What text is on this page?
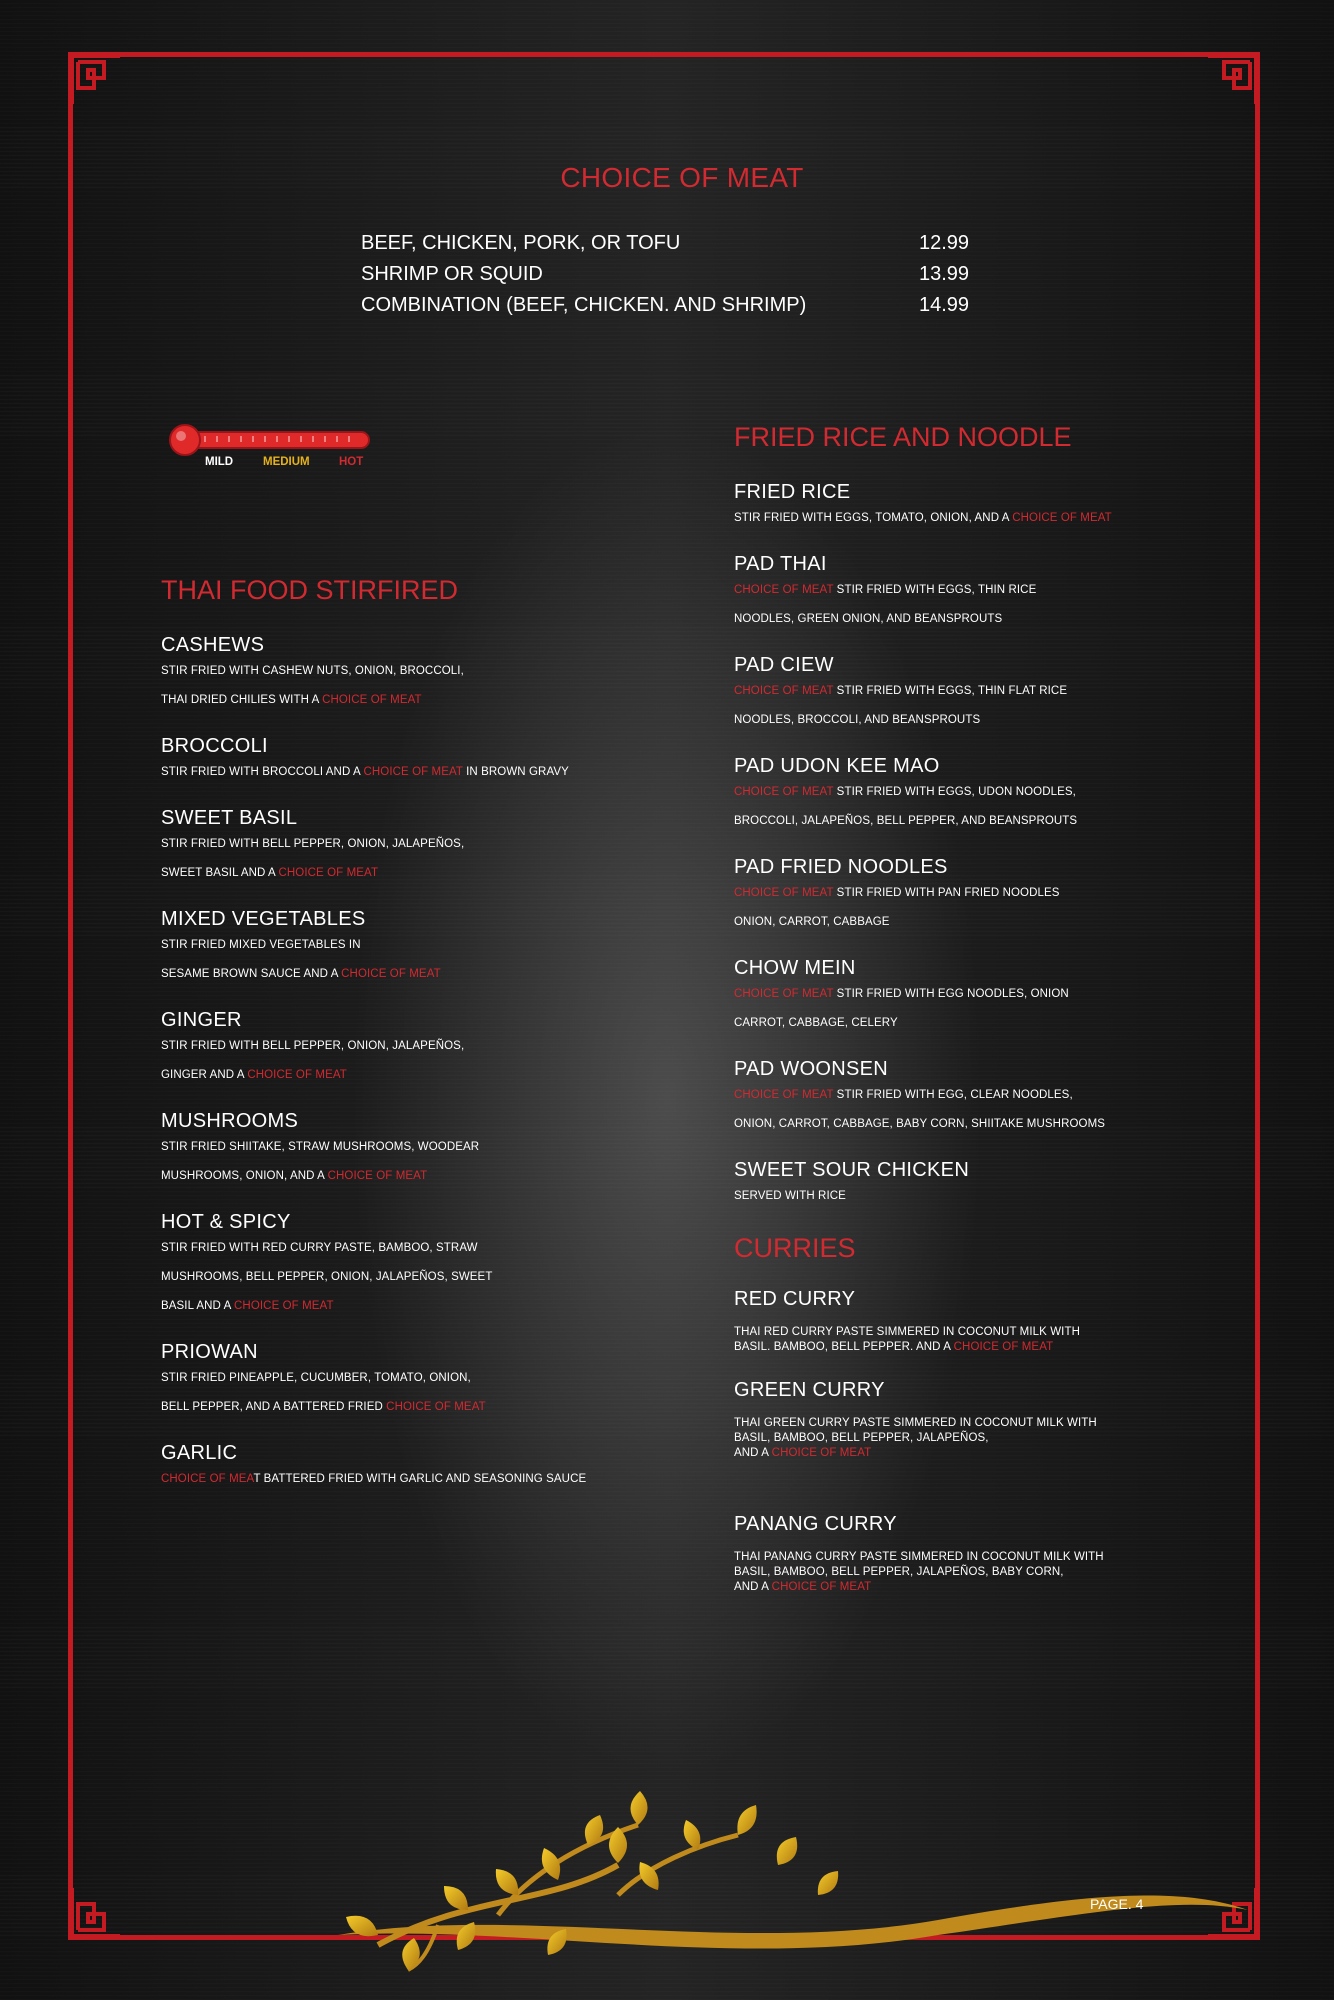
CHOICE OF MEAT
BEEF, CHICKEN, PORK, OR TOFU	12.99
SHRIMP OR SQUID	13.99
COMBINATION (BEEF, CHICKEN. AND SHRIMP)	14.99
MILD	MEDIUM	HOT
THAI FOOD STIRFIRED
CASHEWS
STIR FRIED WITH CASHEW NUTS, ONION, BROCCOLI,
THAI DRIED CHILIES WITH A CHOICE OF MEAT
BROCCOLI
STIR FRIED WITH BROCCOLI AND A CHOICE OF MEAT IN BROWN GRAVY
SWEET BASIL
STIR FRIED WITH BELL PEPPER, ONION, JALAPEÑOS,
SWEET BASIL AND A CHOICE OF MEAT
MIXED VEGETABLES
STIR FRIED MIXED VEGETABLES IN
SESAME BROWN SAUCE AND A CHOICE OF MEAT
GINGER
STIR FRIED WITH BELL PEPPER, ONION, JALAPEÑOS,
GINGER AND A CHOICE OF MEAT
MUSHROOMS
STIR FRIED SHIITAKE, STRAW MUSHROOMS, WOODEAR
MUSHROOMS, ONION, AND A CHOICE OF MEAT
HOT & SPICY
STIR FRIED WITH RED CURRY PASTE, BAMBOO, STRAW
MUSHROOMS, BELL PEPPER, ONION, JALAPEÑOS, SWEET
BASIL AND A CHOICE OF MEAT
PRIOWAN
STIR FRIED PINEAPPLE, CUCUMBER, TOMATO, ONION,
BELL PEPPER, AND A BATTERED FRIED CHOICE OF MEAT
GARLIC
CHOICE OF MEAT BATTERED FRIED WITH GARLIC AND SEASONING SAUCE
FRIED RICE AND NOODLE
FRIED RICE
STIR FRIED WITH EGGS, TOMATO, ONION, AND A CHOICE OF MEAT
PAD THAI
CHOICE OF MEAT STIR FRIED WITH EGGS, THIN RICE
NOODLES, GREEN ONION, AND BEANSPROUTS
PAD CIEW
CHOICE OF MEAT STIR FRIED WITH EGGS, THIN FLAT RICE
NOODLES, BROCCOLI, AND BEANSPROUTS
PAD UDON KEE MAO
CHOICE OF MEAT STIR FRIED WITH EGGS, UDON NOODLES,
BROCCOLI, JALAPEÑOS, BELL PEPPER, AND BEANSPROUTS
PAD FRIED NOODLES
CHOICE OF MEAT STIR FRIED WITH PAN FRIED NOODLES
ONION, CARROT, CABBAGE
CHOW MEIN
CHOICE OF MEAT STIR FRIED WITH EGG NOODLES, ONION
CARROT, CABBAGE, CELERY
PAD WOONSEN
CHOICE OF MEAT STIR FRIED WITH EGG, CLEAR NOODLES,
ONION, CARROT, CABBAGE, BABY CORN, SHIITAKE MUSHROOMS
SWEET SOUR CHICKEN
SERVED WITH RICE
CURRIES
RED CURRY
THAI RED CURRY PASTE SIMMERED IN COCONUT MILK WITH
BASIL. BAMBOO, BELL PEPPER. AND A CHOICE OF MEAT
GREEN CURRY
THAI GREEN CURRY PASTE SIMMERED IN COCONUT MILK WITH
BASIL, BAMBOO, BELL PEPPER, JALAPEÑOS,
AND A CHOICE OF MEAT
PANANG CURRY
THAI PANANG CURRY PASTE SIMMERED IN COCONUT MILK WITH
BASIL, BAMBOO, BELL PEPPER, JALAPEÑOS, BABY CORN,
AND A CHOICE OF MEAT
PAGE. 4
